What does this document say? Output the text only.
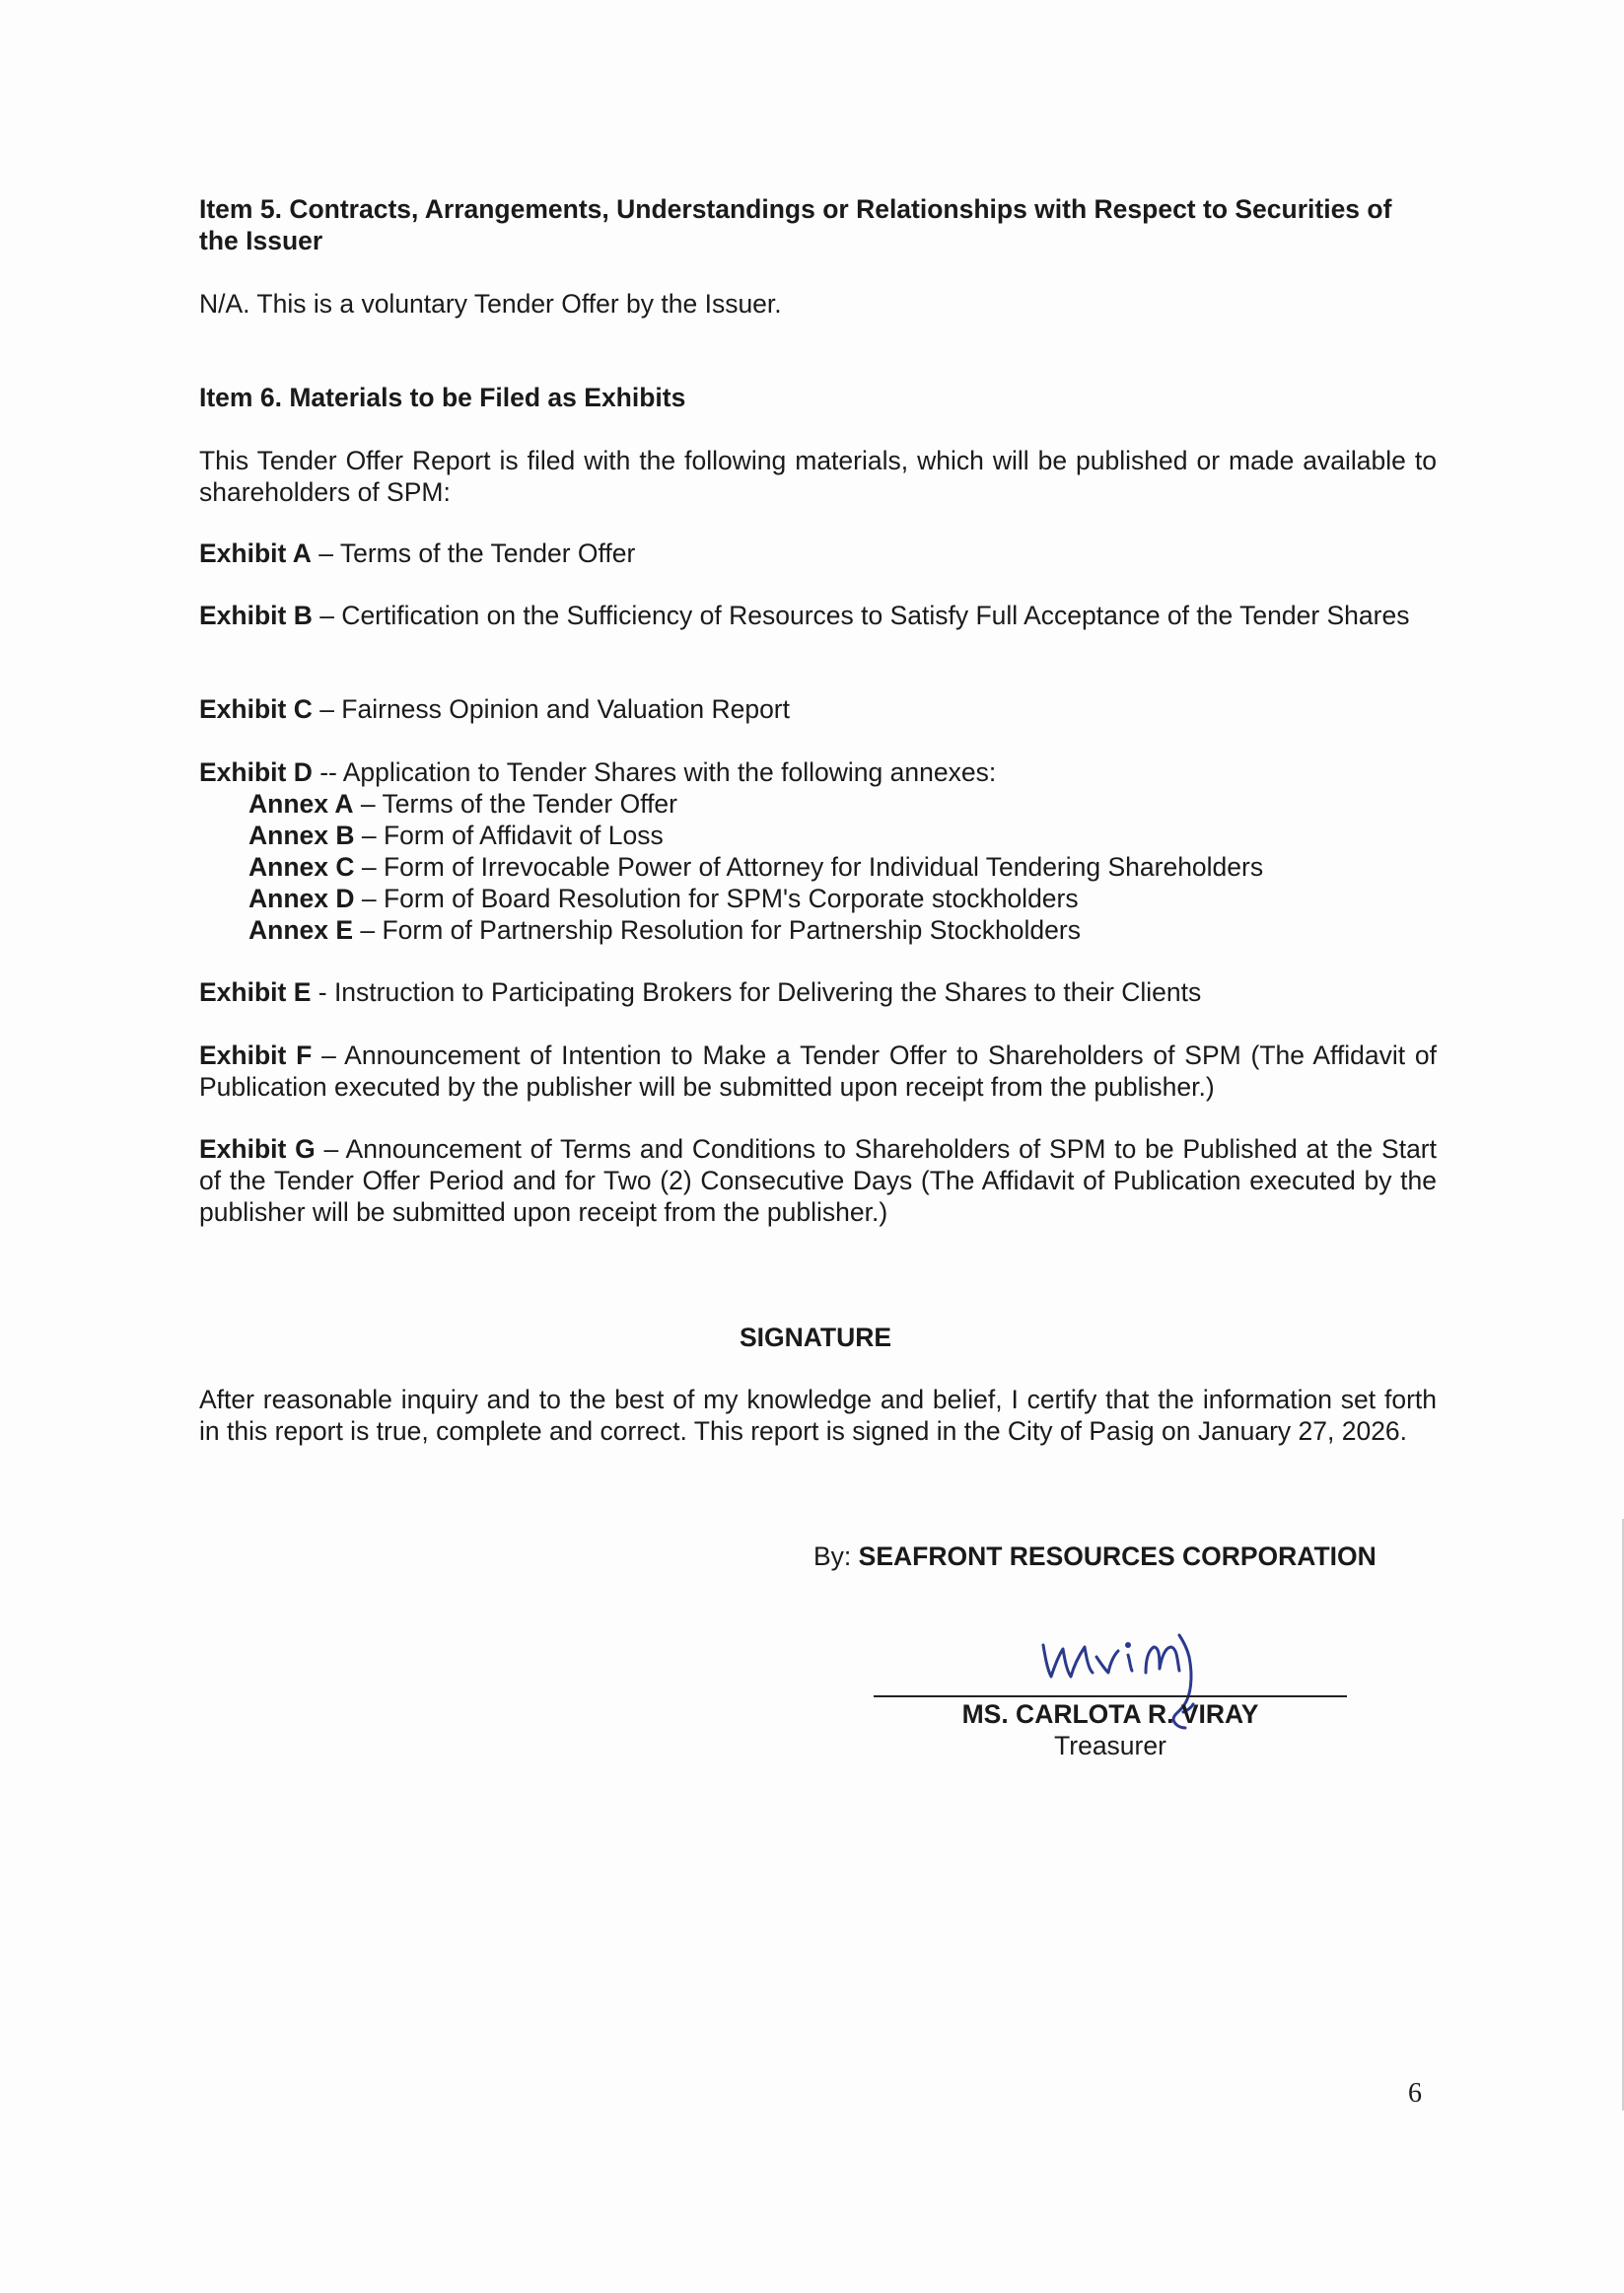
Item 5. Contracts, Arrangements, Understandings or Relationships with Respect to Securities of the Issuer

N/A. This is a voluntary Tender Offer by the Issuer.

Item 6. Materials to be Filed as Exhibits

This Tender Offer Report is filed with the following materials, which will be published or made available to shareholders of SPM:

Exhibit A – Terms of the Tender Offer

Exhibit B – Certification on the Sufficiency of Resources to Satisfy Full Acceptance of the Tender Shares

Exhibit C – Fairness Opinion and Valuation Report

Exhibit D -- Application to Tender Shares with the following annexes:

Annex A – Terms of the Tender Offer
Annex B – Form of Affidavit of Loss
Annex C – Form of Irrevocable Power of Attorney for Individual Tendering Shareholders
Annex D – Form of Board Resolution for SPM's Corporate stockholders
Annex E – Form of Partnership Resolution for Partnership Stockholders

Exhibit E - Instruction to Participating Brokers for Delivering the Shares to their Clients

Exhibit F – Announcement of Intention to Make a Tender Offer to Shareholders of SPM (The Affidavit of Publication executed by the publisher will be submitted upon receipt from the publisher.)

Exhibit G – Announcement of Terms and Conditions to Shareholders of SPM to be Published at the Start of the Tender Offer Period and for Two (2) Consecutive Days (The Affidavit of Publication executed by the publisher will be submitted upon receipt from the publisher.)

SIGNATURE

After reasonable inquiry and to the best of my knowledge and belief, I certify that the information set forth in this report is true, complete and correct. This report is signed in the City of Pasig on January 27, 2026.

By: SEAFRONT RESOURCES CORPORATION

MS. CARLOTA R. VIRAY

Treasurer

6
